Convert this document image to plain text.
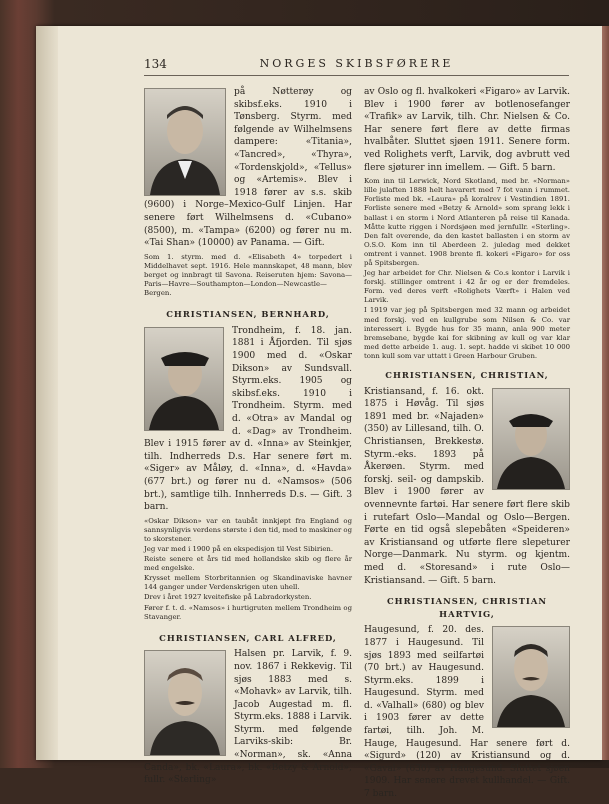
134	NORGES SKIBSFØRERE

på Nøtterøy og skibsf.eks. 1910 i Tønsberg. Styrm. med følgende av Wilhelmsens dampere: «Titania», «Tancred», «Thyra», «Tordenskjold», «Tellus» og «Artemis». Blev i 1918 fører av s.s. skib (9600) i Norge–Mexico-Gulf Linjen. Har senere ført Wilhelmsens d. «Cubano» (8500), m. «Tampa» (6200) og fører nu m. «Tai Shan» (10000) av Panama. — Gift.

Som 1. styrm. med d. «Elisabeth 4» torpedert i Middelhavet sept. 1916. Hele mannskapet, 48 mann, blev berget og innbragt til Savona. Reiseruten hjem: Savona—Paris—Havre—Southampton—London—Newcastle—Bergen.

CHRISTIANSEN, BERNHARD,

Trondheim, f. 18. jan. 1881 i Åfjorden. Til sjøs 1900 med d. «Oskar Dikson» av Sundsvall. Styrm.eks. 1905 og skibsf.eks. 1910 i Trondheim. Styrm. med d. «Otra» av Mandal og d. «Dag» av Trondheim. Blev i 1915 fører av d. «Inna» av Steinkjer, tilh. Indherreds D.s. Har senere ført m. «Siger» av Måløy, d. «Inna», d. «Havda» (677 brt.) og fører nu d. «Namsos» (506 brt.), samtlige tilh. Innherreds D.s. — Gift. 3 barn.

«Oskar Dikson» var en taubåt innkjøpt fra England og sannsynligvis verdens største i den tid, med to maskiner og to skorstener.

Jeg var med i 1900 på en ekspedisjon til Vest Sibirien.

Reiste senere et års tid med hollandske skib og flere år med engelske.

Krysset mellem Storbritannien og Skandinaviske havner 144 ganger under Verdenskrigen uten uhell.

Drev i året 1927 kveitefiske på Labradorkysten.

Fører f. t. d. «Namsos» i hurtigruten mellem Trondheim og Stavanger.

CHRISTIANSEN, CARL ALFRED,

Halsen pr. Larvik, f. 9. nov. 1867 i Rekkevig. Til sjøs 1883 med s. «Mohavk» av Larvik, tilh. Jacob Augestad m. fl. Styrm.eks. 1888 i Larvik. Styrm. med følgende Larviks-skib: Br. «Norman», sk. «Anna Canda», bk. «Laura», bk. «Betzy & Arnold», fullr. «Sterling»

av Oslo og fl. hvalkokeri «Figaro» av Larvik. Blev i 1900 fører av botlenosefanger «Trafik» av Larvik, tilh. Chr. Nielsen & Co. Har senere ført flere av dette firmas hvalbåter. Sluttet sjøen 1911. Senere form. ved Rolighets verft, Larvik, dog avbrutt ved flere sjøturer inn imellem. — Gift. 5 barn.

Kom inn til Lerwick, Nord Skotland, med br. «Norman» lille julaften 1888 helt havarert med 7 fot vann i rummet. Forliste med bk. «Laura» på koralrev i Vestindien 1891. Forliste senere med «Betzy & Arnold» som sprang lekk i ballast i en storm i Nord Atlanteren på reise til Kanada. Måtte kutte riggen i Nordsjøen med jernfullr. «Sterling». Den falt overende, da den kastet ballasten i en storm av O.S.O. Kom inn til Aberdeen 2. juledag med dekket omtrent i vannet. 1908 brente fl. kokeri «Figaro» for oss på Spitsbergen.

Jeg har arbeidet for Chr. Nielsen & Co.s kontor i Larvik i forskj. stillinger omtrent i 42 år og er der fremdeles. Form. ved deres verft «Rolighets Værft» i Halen ved Larvik.

I 1919 var jeg på Spitsbergen med 32 mann og arbeidet med forskj. ved en kullgrube som Nilsen & Co. var interessert i. Bygde hus for 35 mann, anla 900 meter bremsebane, bygde kai for skibning av kull og var klar med dette arbeide 1. aug. 1. sept. hadde vi skibet 10 000 tonn kull som var uttatt i Green Harbour Gruben.

CHRISTIANSEN, CHRISTIAN,

Kristiansand, f. 16. okt. 1875 i Høvåg. Til sjøs 1891 med br. «Najaden» (350) av Lillesand, tilh. O. Christiansen, Brekkestø. Styrm.-eks. 1893 på Åkerøen. Styrm. med forskj. seil- og dampskib. Blev i 1900 fører av ovennevnte fartøi. Har senere ført flere skib i rutefart Oslo—Mandal og Oslo—Bergen. Førte en tid også slepebåten «Speideren» av Kristiansand og utførte flere slepeturer Norge—Danmark. Nu styrm. og kjentm. med d. «Storesand» i rute Oslo—Kristiansand. — Gift. 5 barn.

CHRISTIANSEN, CHRISTIAN HARTVIG,

Haugesund, f. 20. des. 1877 i Haugesund. Til sjøs 1893 med seilfartøi (70 brt.) av Haugesund. Styrm.eks. 1899 i Haugesund. Styrm. med d. «Valhall» (680) og blev i 1903 fører av dette fartøi, tilh. Joh. M. Hauge, Haugesund. Har senere ført d. «Sigurd» (120) av Kristiansund og d. «Gaval» (630) av Haugesund. Sluttet sjøen 1909. Har senere drevet kullhandel. — Gift. 7 barn.
